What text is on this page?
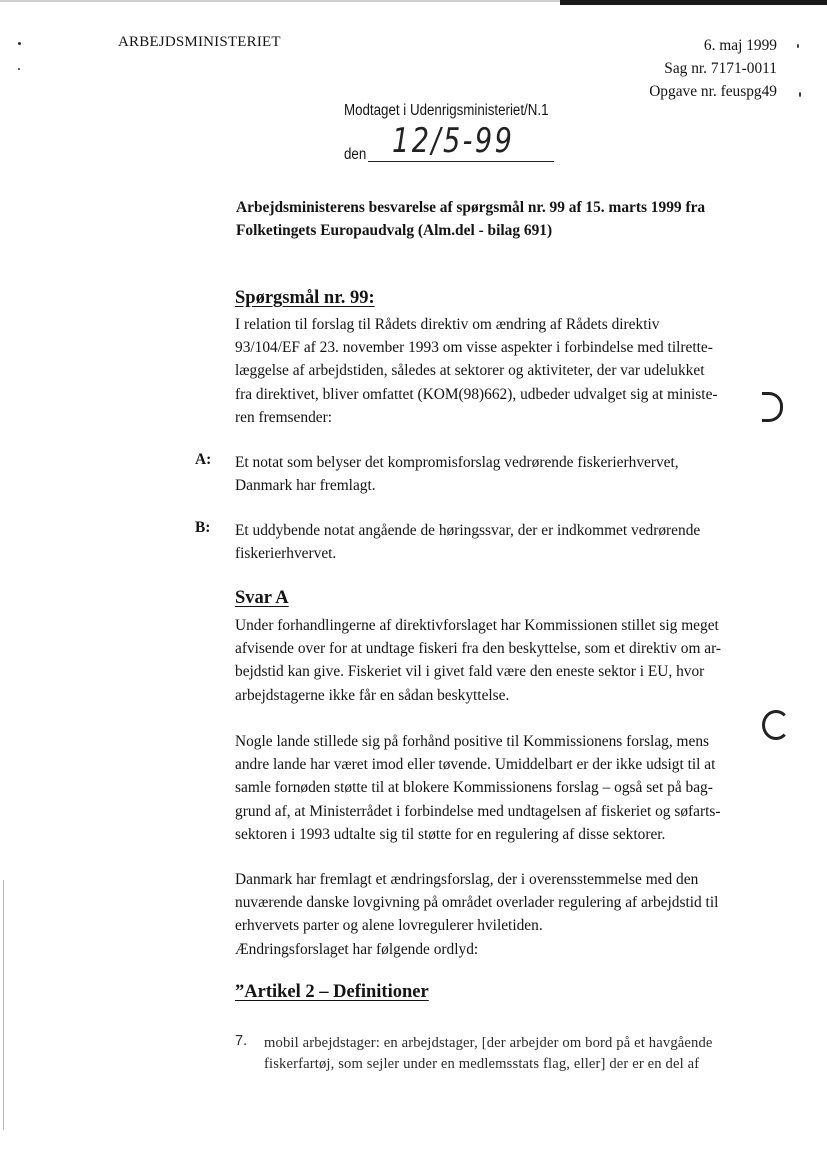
ARBEJDSMINISTERIET	6. maj 1999
Sag nr. 7171-0011
Opgave nr. feuspg49
Modtaget i Udenrigsministeriet/N.1
den 12/5-99
Arbejdsministerens besvarelse af spørgsmål nr. 99 af 15. marts 1999 fra
Folketingets Europaudvalg (Alm.del - bilag 691)
Spørgsmål nr. 99:
I relation til forslag til Rådets direktiv om ændring af Rådets direktiv
93/104/EF af 23. november 1993 om visse aspekter i forbindelse med tilrette-
læggelse af arbejdstiden, således at sektorer og aktiviteter, der var udelukket
fra direktivet, bliver omfattet (KOM(98)662), udbeder udvalget sig at ministe-
ren fremsender:
A: Et notat som belyser det kompromisforslag vedrørende fiskerierhvervet,
Danmark har fremlagt.
B: Et uddybende notat angående de høringssvar, der er indkommet vedrørende
fiskerierhvervet.
Svar A
Under forhandlingerne af direktivforslaget har Kommissionen stillet sig meget
afvisende over for at undtage fiskeri fra den beskyttelse, som et direktiv om ar-
bejdstid kan give. Fiskeriet vil i givet fald være den eneste sektor i EU, hvor
arbejdstagerne ikke får en sådan beskyttelse.
Nogle lande stillede sig på forhånd positive til Kommissionens forslag, mens
andre lande har været imod eller tøvende. Umiddelbart er der ikke udsigt til at
samle fornøden støtte til at blokere Kommissionens forslag – også set på bag-
grund af, at Ministerrådet i forbindelse med undtagelsen af fiskeriet og søfarts-
sektoren i 1993 udtalte sig til støtte for en regulering af disse sektorer.
Danmark har fremlagt et ændringsforslag, der i overensstemmelse med den
nuværende danske lovgivning på området overlader regulering af arbejdstid til
erhvervets parter og alene lovregulerer hviletiden.
Ændringsforslaget har følgende ordlyd:
”Artikel 2 – Definitioner
7. mobil arbejdstager: en arbejdstager, [der arbejder om bord på et havgående
fiskerfartøj, som sejler under en medlemsstats flag, eller] der er en del af
